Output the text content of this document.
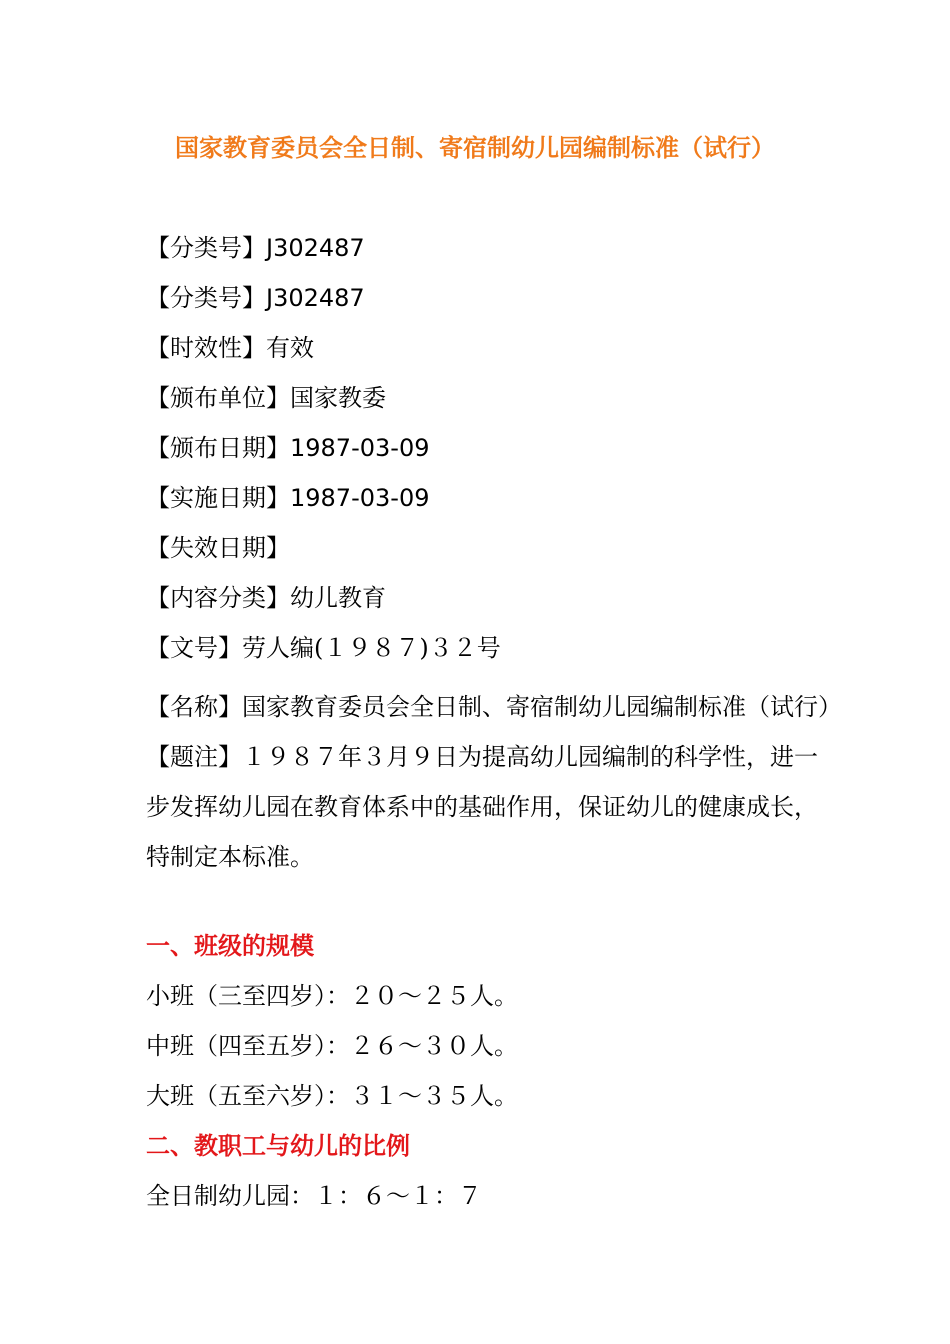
国家教育委员会全日制、寄宿制幼儿园编制标准（试行）
【分类号】J302487
【分类号】J302487
【时效性】有效
【颁布单位】国家教委
【颁布日期】1987-03-09
【实施日期】1987-03-09
【失效日期】
【内容分类】幼儿教育
【文号】劳人编(１９８７)３２号
【名称】国家教育委员会全日制、寄宿制幼儿园编制标准（试行）【题注】１９８７年３月９日为提高幼儿园编制的科学性，进一步发挥幼儿园在教育体系中的基础作用，保证幼儿的健康成长，特制定本标准。
一、班级的规模
小班（三至四岁）：２０～２５人。
中班（四至五岁）：２６～３０人。
大班（五至六岁）：３１～３５人。
二、教职工与幼儿的比例
全日制幼儿园：１：６～１：７
